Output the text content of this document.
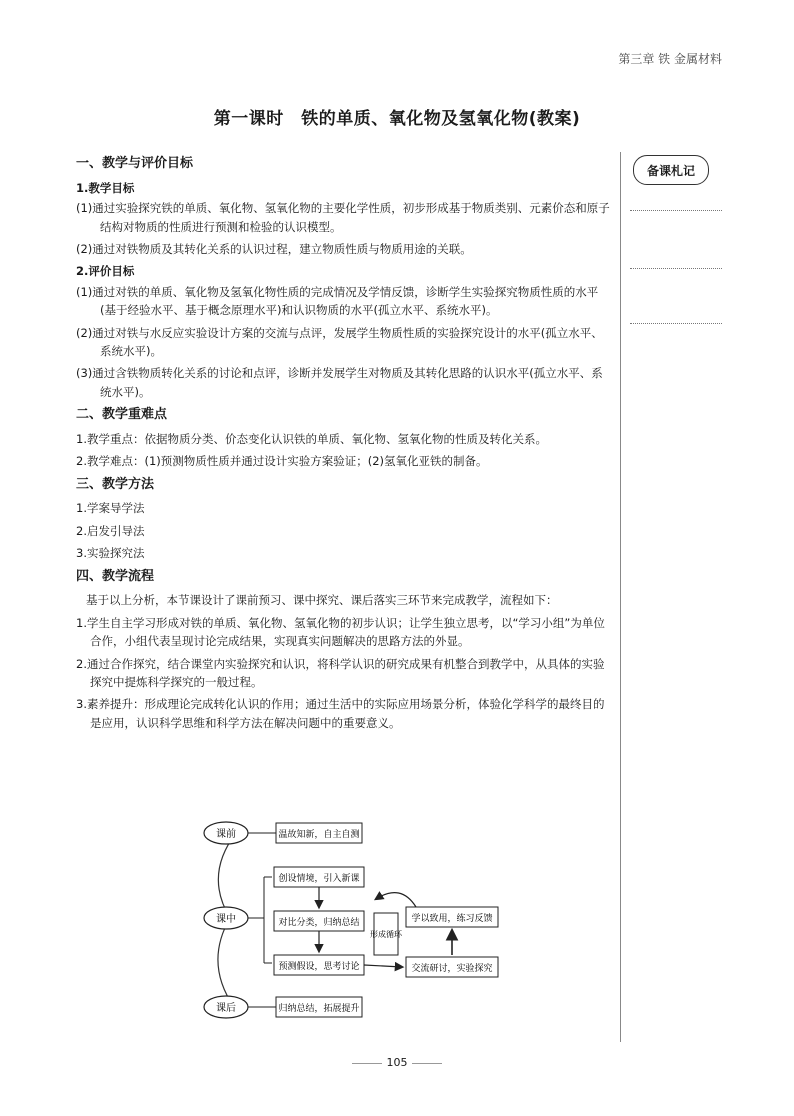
第三章 铁 金属材料
第一课时　铁的单质、氧化物及氢氧化物(教案)
备课札记
一、教学与评价目标
1.教学目标
(1)通过实验探究铁的单质、氧化物、氢氧化物的主要化学性质，初步形成基于物质类别、元素价态和原子结构对物质的性质进行预测和检验的认识模型。
(2)通过对铁物质及其转化关系的认识过程，建立物质性质与物质用途的关联。
2.评价目标
(1)通过对铁的单质、氧化物及氢氧化物性质的完成情况及学情反馈，诊断学生实验探究物质性质的水平(基于经验水平、基于概念原理水平)和认识物质的水平(孤立水平、系统水平)。
(2)通过对铁与水反应实验设计方案的交流与点评，发展学生物质性质的实验探究设计的水平(孤立水平、系统水平)。
(3)通过含铁物质转化关系的讨论和点评，诊断并发展学生对物质及其转化思路的认识水平(孤立水平、系统水平)。
二、教学重难点
1.教学重点：依据物质分类、价态变化认识铁的单质、氧化物、氢氧化物的性质及转化关系。
2.教学难点：(1)预测物质性质并通过设计实验方案验证；(2)氢氧化亚铁的制备。
三、教学方法
1.学案导学法
2.启发引导法
3.实验探究法
四、教学流程
基于以上分析，本节课设计了课前预习、课中探究、课后落实三环节来完成教学，流程如下：
1.学生自主学习形成对铁的单质、氧化物、氢氧化物的初步认识；让学生独立思考，以“学习小组”为单位合作，小组代表呈现讨论完成结果，实现真实问题解决的思路方法的外显。
2.通过合作探究，结合课堂内实验探究和认识，将科学认识的研究成果有机整合到教学中，从具体的实验探究中提炼科学探究的一般过程。
3.素养提升：形成理论完成转化认识的作用；通过生活中的实际应用场景分析，体验化学科学的最终目的是应用，认识科学思维和科学方法在解决问题中的重要意义。
课前
课中
课后
温故知新，自主自测
创设情境，引入新课
对比分类，归纳总结
预测假设，思考讨论
形成循环
学以致用，练习反馈
交流研讨，实验探究
归纳总结，拓展提升
105
